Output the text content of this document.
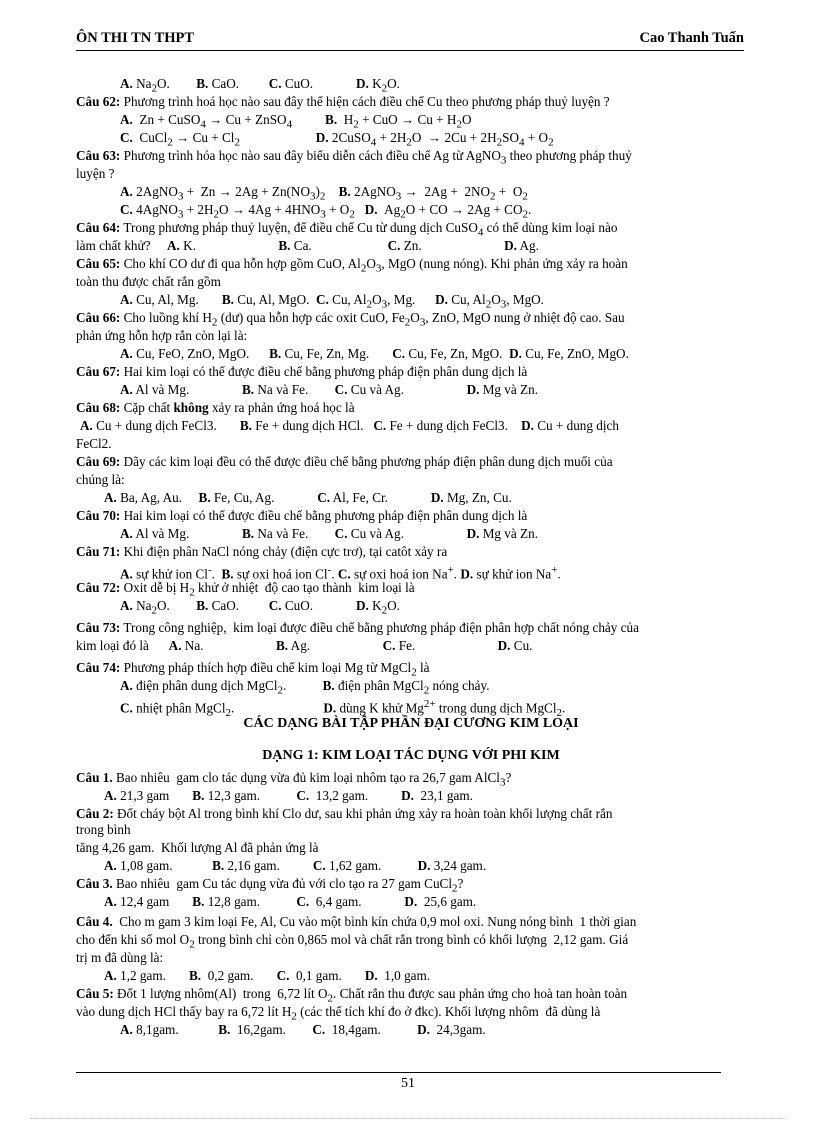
ÔN THI TN THPT	Cao Thanh Tuấn
A. $Na_2O$.        B. CaO.         C. CuO.             D. $K_2O$.
Câu 62: Phương trình hoá học nào sau đây thể hiện cách điều chế Cu theo phương pháp thuỷ luyện ?
A.  Zn + CuSO$_4$ → Cu + ZnSO$_4$ B.  $H_2$ + CuO → $Cu + H_2O$
C.  CuCl$_2$ → $Cu + Cl_2$	D. 2CuSO$_4$ + $2H_2O \to 2Cu + 2H_2SO_4 + O_2$
Câu 63: Phương trình hóa học nào sau đây biểu diễn cách điều chế Ag từ AgNO$_3$ theo phương pháp thuỷ
luyện ?
A. 2AgNO$_3$ +  $Zn \to 2Ag + Zn(NO_3)_2$ B. 2AgNO$_3$ →  $2Ag + 2NO_2 + O_2$
C. 4AgNO$_3$ + $2H_2O \to 4Ag + 4HNO_3 + O_2$ D.  $Ag_2O$ + CO → $2Ag + CO_2$.
Câu 64: Trong phương pháp thuỷ luyện, để điều chế Cu từ dung dịch CuSO$_4$ có thể dùng kim loại nào
làm chất khử?     A. K.                         B. Ca.                       C. Zn.                         D. Ag.
Câu 65: Cho khí CO dư đi qua hỗn hợp gồm CuO, $Al_2O_3$, MgO (nung nóng). Khi phản ứng xảy ra hoàn
toàn thu được chất rắn gồm
A. Cu, Al, Mg.       B. Cu, Al, MgO.  C. Cu, $Al_2O_3$, Mg.      D. Cu, $Al_2O_3$, MgO.
Câu 66: Cho luồng khí $H_2$ (dư) qua hỗn hợp các oxit CuO, $Fe_2O_3$, ZnO, MgO nung ở nhiệt độ cao. Sau
phản ứng hỗn hợp rắn còn lại là:
A. Cu, FeO, ZnO, MgO.      B. Cu, Fe, Zn, Mg.       C. Cu, Fe, Zn, MgO.  D. Cu, Fe, ZnO, MgO.
Câu 67: Hai kim loại có thể được điều chế bằng phương pháp điện phân dung dịch là
A. Al và Mg.                B. Na và Fe.        C. Cu và Ag.                   D. Mg và Zn.
Câu 68: Cặp chất không xảy ra phản ứng hoá học là
A. Cu + dung dịch FeCl3.       B. Fe + dung dịch HCl.   C. Fe + dung dịch FeCl3.    D. Cu + dung dịch
FeCl2.
Câu 69: Dãy các kim loại đều có thể được điều chế bằng phương pháp điện phân dung dịch muối của
chúng là:
A. Ba, Ag, Au.     B. Fe, Cu, Ag.             C. Al, Fe, Cr.             D. Mg, Zn, Cu.
Câu 70: Hai kim loại có thể được điều chế bằng phương pháp điện phân dung dịch là
A. Al và Mg.                B. Na và Fe.        C. Cu và Ag.                   D. Mg và Zn.
Câu 71: Khi điện phân NaCl nóng chảy (điện cực trơ), tại catôt xảy ra
A. sự khử ion Cl-.  B. sự oxi hoá ion Cl-. C. sự oxi hoá ion Na+. D. sự khử ion Na+.
Câu 72: Oxit dễ bị $H_2$ khử ở nhiệt  độ cao tạo thành  kim loại là
A. $Na_2O$.        B. CaO.         C. CuO.             D. $K_2O$.
Câu 73: Trong công nghiệp,  kim loại được điều chế bằng phương pháp điện phân hợp chất nóng chảy của
kim loại đó là      A. Na.                      B. Ag.                      C. Fe.                         D. Cu.
Câu 74: Phương pháp thích hợp điều chế kim loại Mg từ MgCl$_2$ là
A. điện phân dung dịch MgCl$_2$.           B. điện phân MgCl$_2$ nóng chảy.
C. nhiệt phân MgCl$_2$.                           D. dùng K khử $Mg^{2+}$ trong dung dịch MgCl$_2$.
Câu 1. Bao nhiêu  gam clo tác dụng vừa đủ kim loại nhôm tạo ra 26,7 gam AlCl$_3$?
A. 21,3 gam       B. 12,3 gam.           C.  13,2 gam.          D.  23,1 gam.
Câu 2: Đốt cháy bột Al trong bình khí Clo dư, sau khi phản ứng xảy ra hoàn toàn khối lượng chất rắn
trong bình
tăng 4,26 gam.  Khối lượng Al đã phản ứng là
A. 1,08 gam.            B. 2,16 gam.          C. 1,62 gam.           D. 3,24 gam.
Câu 3. Bao nhiêu  gam Cu tác dụng vừa đủ với clo tạo ra 27 gam CuCl$_2$?
A. 12,4 gam       B. 12,8 gam.           C.  6,4 gam.             D.  25,6 gam.
Câu 4.  Cho m gam 3 kim loại Fe, Al, Cu vào một bình kín chứa 0,9 mol oxi. Nung nóng bình  1 thời gian
cho đến khi số mol $O_2$ trong bình chỉ còn 0,865 mol và chất rắn trong bình có khối lượng  2,12 gam. Giá
trị m đã dùng là:
A. 1,2 gam.       B.  0,2 gam.       C.  0,1 gam.       D.  1,0 gam.
Câu 5: Đốt 1 lượng nhôm(Al)  trong  6,72 lít $O_2$. Chất rắn thu được sau phản ứng cho hoà tan hoàn toàn
vào dung dịch HCl thấy bay ra 6,72 lít $H_2$ (các thể tích khí đo ở đkc). Khối lượng nhôm  đã dùng là
A. 8,1gam.            B.  16,2gam.        C.  18,4gam.           D.  24,3gam.
CÁC DẠNG BÀI TẬP PHẦN ĐẠI CƯƠNG KIM LOẠI
DẠNG 1: KIM LOẠI TÁC DỤNG VỚI PHI KIM
51
